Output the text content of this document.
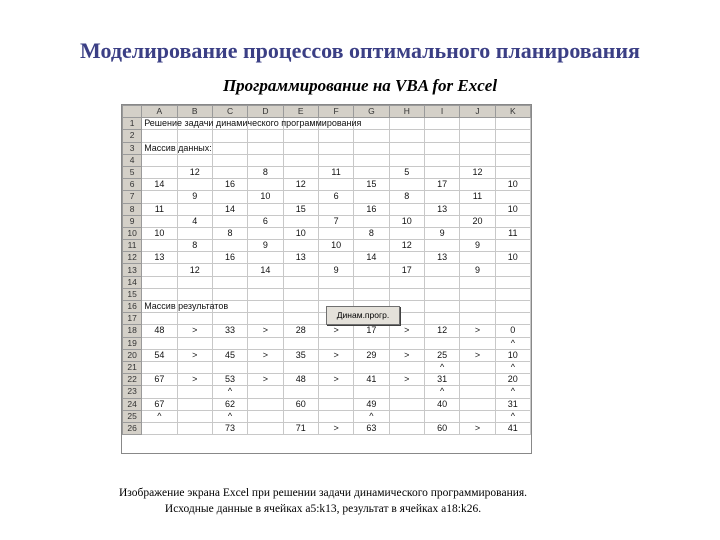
Моделирование процессов оптимального планирования
Программирование на VBA for Excel
	A	B	C	D	E	F	G	H	I	J	K
1	Решение задачи динамического программирования										
2											
3	Массив данных:										
4											
5		12		8		11		5		12	
6	14		16		12		15		17		10
7		9		10		6		8		11	
8	11		14		15		16		13		10
9		4		6		7		10		20	
10	10		8		10		8		9		11
11		8		9		10		12		9	
12	13		16		13		14		13		10
13		12		14		9		17		9	
14											
15											
16	Массив результатов										
17											
18	48	>	33	>	28	>	17	>	12	>	0
19											^
20	54	>	45	>	35	>	29	>	25	>	10
21									^		^
22	67	>	53	>	48	>	41	>	31		20
23			^						^		^
24	67		62		60		49		40		31
25	^		^				^				^
26			73		71	>	63		60	>	41
Динам.прогр.
Изображение экрана Excel при решении задачи динамического программирования. Исходные данные в ячейках a5:k13, результат в ячейках a18:k26.
